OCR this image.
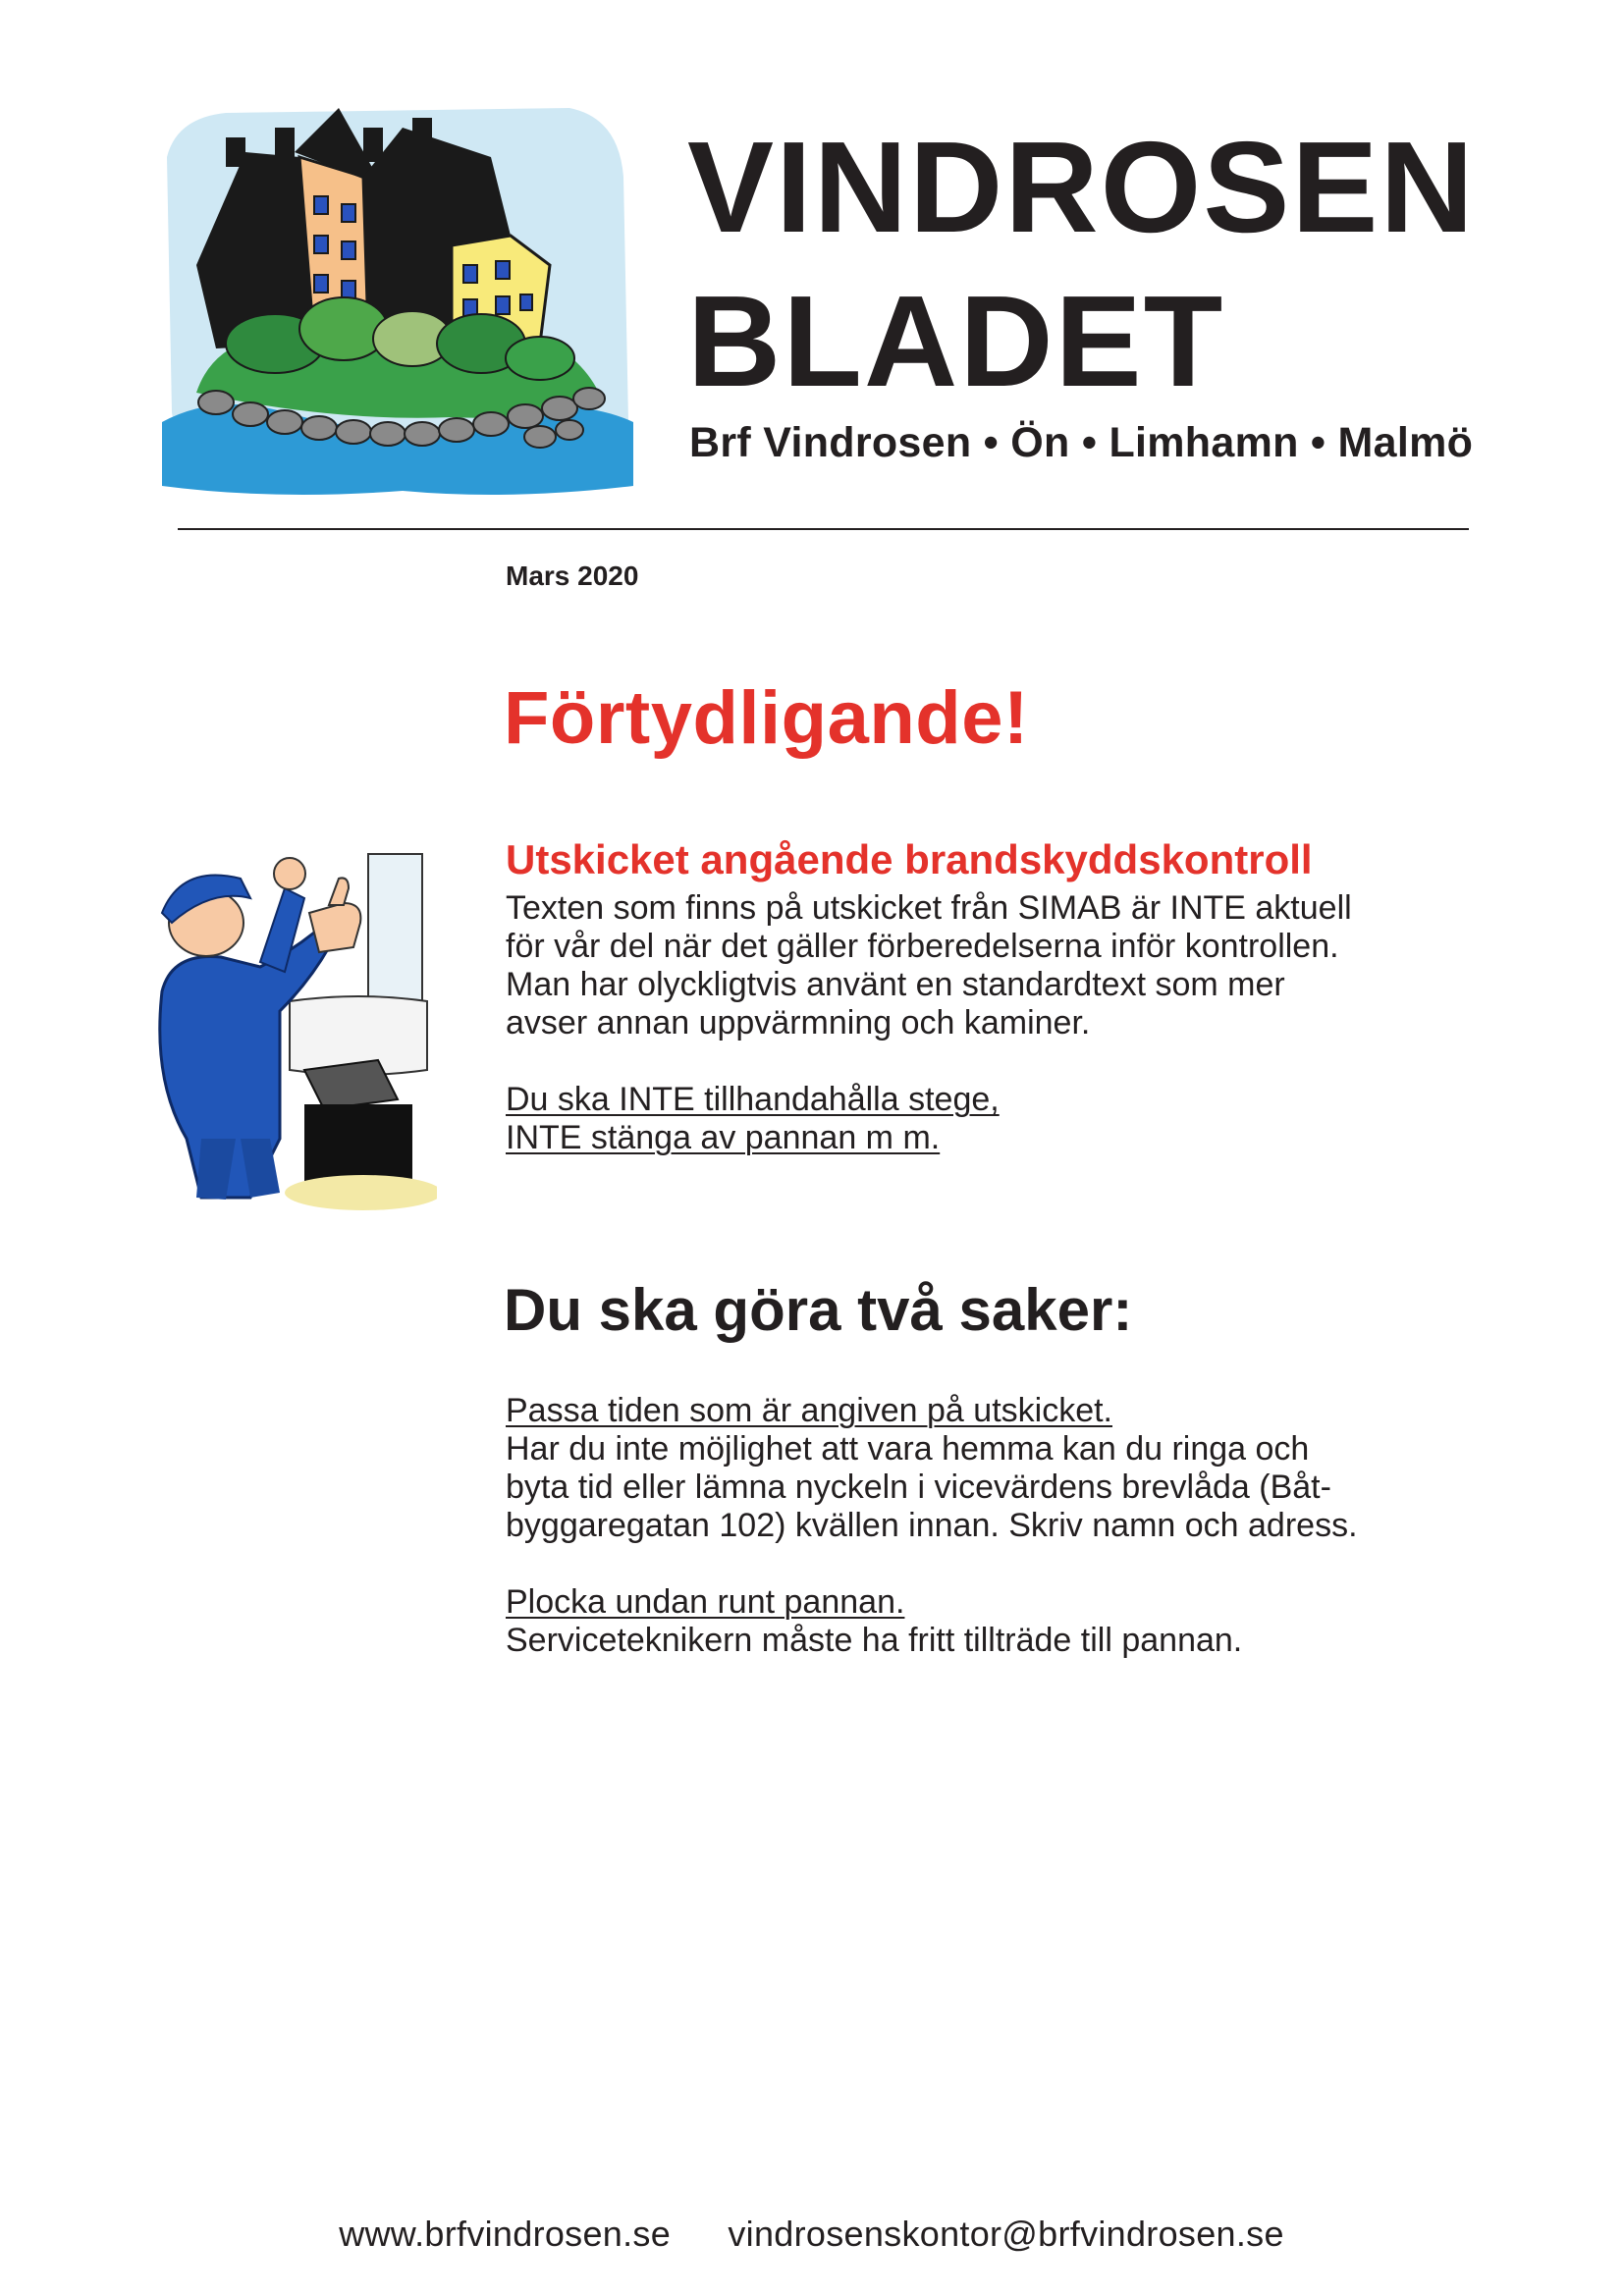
VINDROSEN
BLADET
Brf Vindrosen • Ön • Limhamn • Malmö
Mars 2020
Förtydligande!
Utskicket angående brandskyddskontroll
Texten som finns på utskicket från SIMAB är INTE aktuell
för vår del när det gäller förberedelserna inför kontrollen.
Man har olyckligtvis använt en standardtext som mer
avser annan uppvärmning och kaminer.
Du ska INTE tillhandahålla stege,
INTE stänga av pannan m m.
Du ska göra två saker:
Passa tiden som är angiven på utskicket.
Har du inte möjlighet att vara hemma kan du ringa och
byta tid eller lämna nyckeln i vicevärdens brevlåda (Båt-
byggaregatan 102) kvällen innan. Skriv namn och adress.
Plocka undan runt pannan.
Serviceteknikern måste ha fritt tillträde till pannan.
www.brfvindrosen.se vindrosenskontor@brfvindrosen.se
